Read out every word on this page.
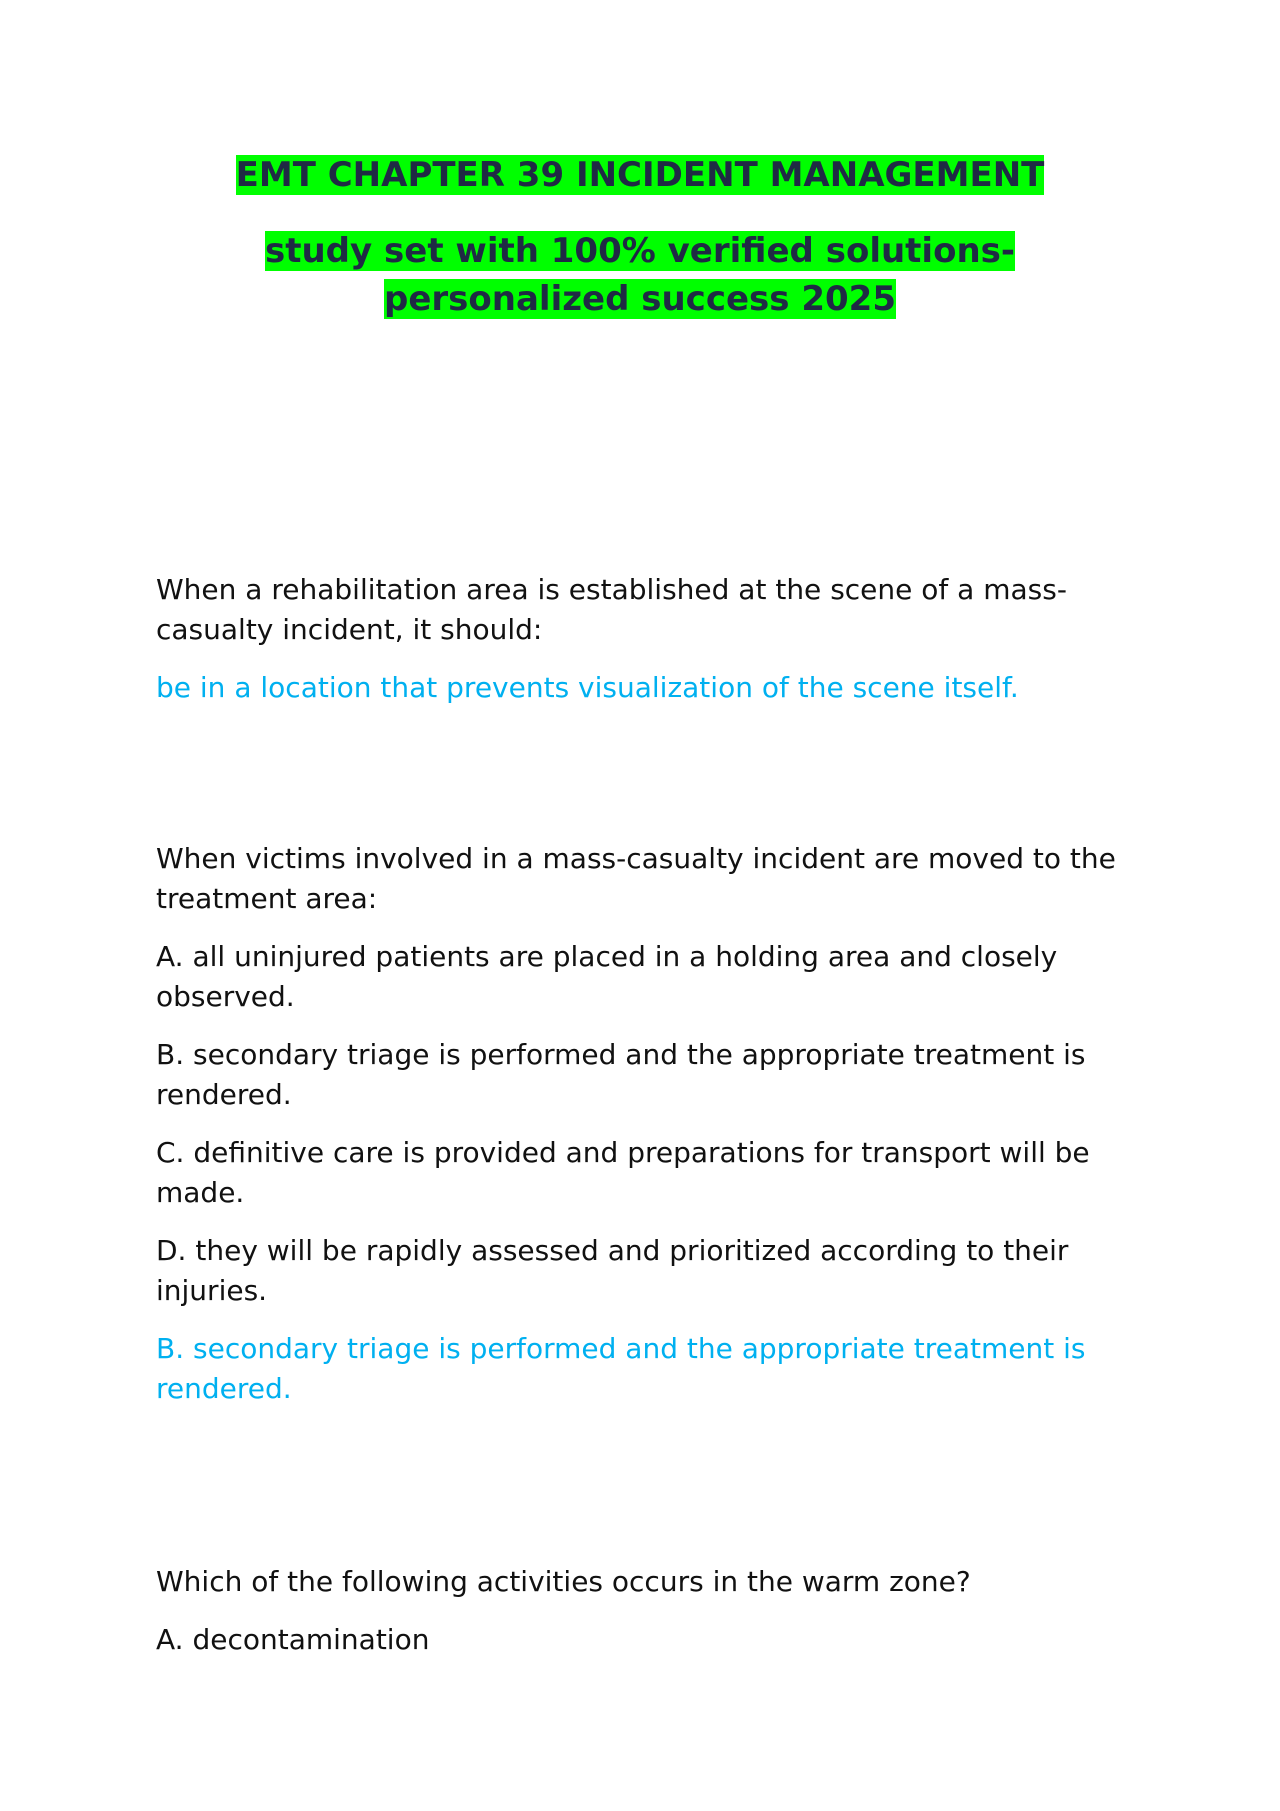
EMT CHAPTER 39 INCIDENT MANAGEMENT

study set with 100% verified solutions-personalized success 2025

When a rehabilitation area is established at the scene of a mass-casualty incident, it should:

be in a location that prevents visualization of the scene itself.

When victims involved in a mass-casualty incident are moved to the treatment area:

A. all uninjured patients are placed in a holding area and closely observed.

B. secondary triage is performed and the appropriate treatment is rendered.

C. definitive care is provided and preparations for transport will be made.

D. they will be rapidly assessed and prioritized according to their injuries.

B. secondary triage is performed and the appropriate treatment is rendered.

Which of the following activities occurs in the warm zone?

A. decontamination
